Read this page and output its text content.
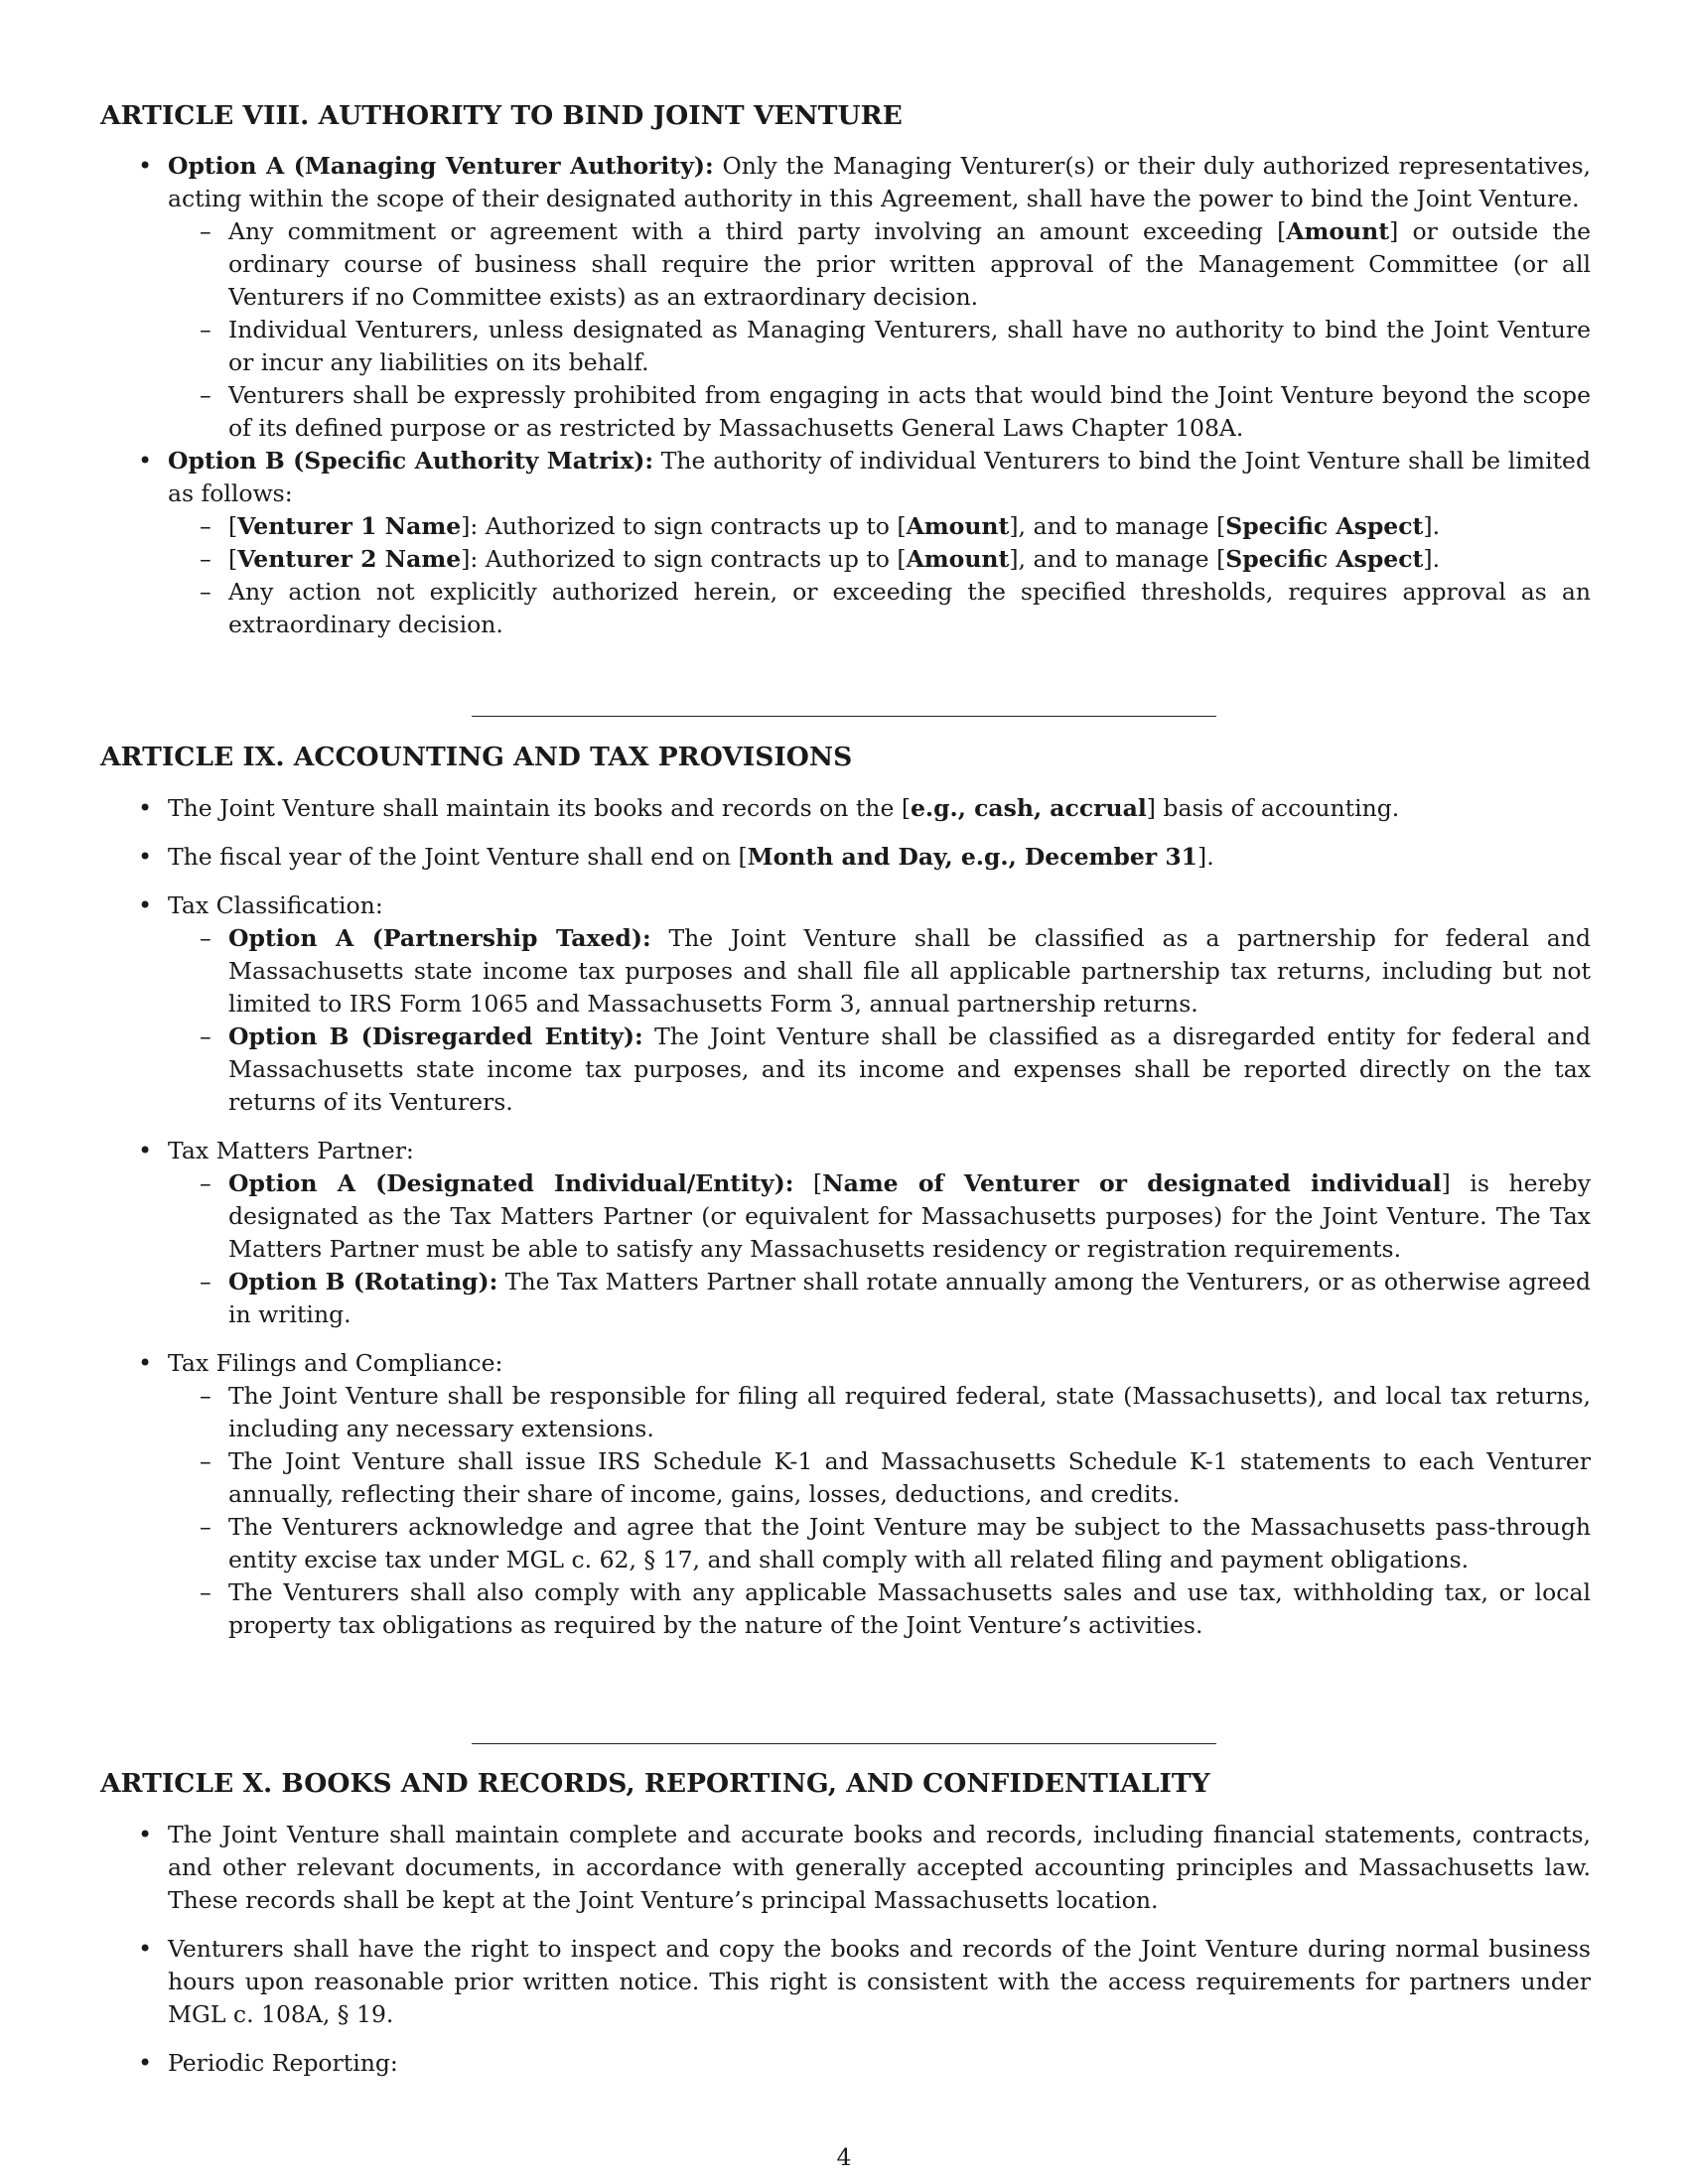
ARTICLE VIII. AUTHORITY TO BIND JOINT VENTURE
• Option A (Managing Venturer Authority): Only the Managing Venturer(s) or their duly authorized representatives, acting within the scope of their designated authority in this Agreement, shall have the power to bind the Joint Venture.
– Any commitment or agreement with a third party involving an amount exceeding [Amount] or outside the ordinary course of business shall require the prior written approval of the Management Committee (or all Venturers if no Committee exists) as an extraordinary decision.
– Individual Venturers, unless designated as Managing Venturers, shall have no authority to bind the Joint Venture or incur any liabilities on its behalf.
– Venturers shall be expressly prohibited from engaging in acts that would bind the Joint Venture beyond the scope of its defined purpose or as restricted by Massachusetts General Laws Chapter 108A.
• Option B (Specific Authority Matrix): The authority of individual Venturers to bind the Joint Venture shall be limited as follows:
– [Venturer 1 Name]: Authorized to sign contracts up to [Amount], and to manage [Specific Aspect].
– [Venturer 2 Name]: Authorized to sign contracts up to [Amount], and to manage [Specific Aspect].
– Any action not explicitly authorized herein, or exceeding the specified thresholds, requires approval as an extraordinary decision.
ARTICLE IX. ACCOUNTING AND TAX PROVISIONS
• The Joint Venture shall maintain its books and records on the [e.g., cash, accrual] basis of accounting.
• The fiscal year of the Joint Venture shall end on [Month and Day, e.g., December 31].
• Tax Classification:
– Option A (Partnership Taxed): The Joint Venture shall be classified as a partnership for federal and Massachusetts state income tax purposes and shall file all applicable partnership tax returns, including but not limited to IRS Form 1065 and Massachusetts Form 3, annual partnership returns.
– Option B (Disregarded Entity): The Joint Venture shall be classified as a disregarded entity for federal and Massachusetts state income tax purposes, and its income and expenses shall be reported directly on the tax returns of its Venturers.
• Tax Matters Partner:
– Option A (Designated Individual/Entity): [Name of Venturer or designated individual] is hereby designated as the Tax Matters Partner (or equivalent for Massachusetts purposes) for the Joint Venture. The Tax Matters Partner must be able to satisfy any Massachusetts residency or registration requirements.
– Option B (Rotating): The Tax Matters Partner shall rotate annually among the Venturers, or as otherwise agreed in writing.
• Tax Filings and Compliance:
– The Joint Venture shall be responsible for filing all required federal, state (Massachusetts), and local tax returns, including any necessary extensions.
– The Joint Venture shall issue IRS Schedule K-1 and Massachusetts Schedule K-1 statements to each Venturer annually, reflecting their share of income, gains, losses, deductions, and credits.
– The Venturers acknowledge and agree that the Joint Venture may be subject to the Massachusetts pass-through entity excise tax under MGL c. 62, § 17, and shall comply with all related filing and payment obligations.
– The Venturers shall also comply with any applicable Massachusetts sales and use tax, withholding tax, or local property tax obligations as required by the nature of the Joint Venture’s activities.
ARTICLE X. BOOKS AND RECORDS, REPORTING, AND CONFIDENTIALITY
• The Joint Venture shall maintain complete and accurate books and records, including financial statements, contracts, and other relevant documents, in accordance with generally accepted accounting principles and Massachusetts law. These records shall be kept at the Joint Venture’s principal Massachusetts location.
• Venturers shall have the right to inspect and copy the books and records of the Joint Venture during normal business hours upon reasonable prior written notice. This right is consistent with the access requirements for partners under MGL c. 108A, § 19.
• Periodic Reporting:
4
